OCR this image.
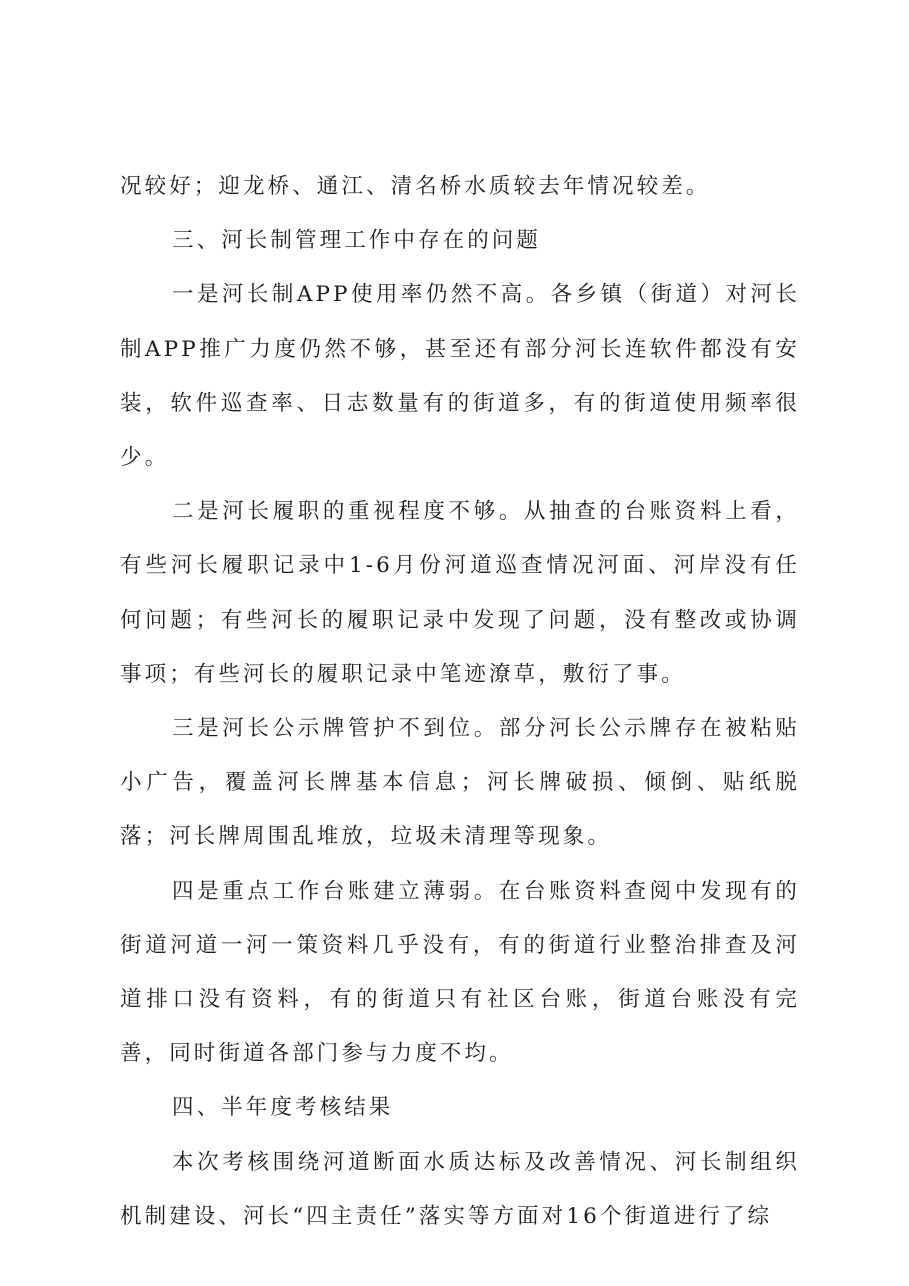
况较好；迎龙桥、通江、清名桥水质较去年情况较差。

三、河长制管理工作中存在的问题

一是河长制APP使用率仍然不高。各乡镇（街道）对河长制APP推广力度仍然不够，甚至还有部分河长连软件都没有安装，软件巡查率、日志数量有的街道多，有的街道使用频率很少。

二是河长履职的重视程度不够。从抽查的台账资料上看，有些河长履职记录中1-6月份河道巡查情况河面、河岸没有任何问题；有些河长的履职记录中发现了问题，没有整改或协调事项；有些河长的履职记录中笔迹潦草，敷衍了事。

三是河长公示牌管护不到位。部分河长公示牌存在被粘贴小广告，覆盖河长牌基本信息；河长牌破损、倾倒、贴纸脱落；河长牌周围乱堆放，垃圾未清理等现象。

四是重点工作台账建立薄弱。在台账资料查阅中发现有的街道河道一河一策资料几乎没有，有的街道行业整治排查及河道排口没有资料，有的街道只有社区台账，街道台账没有完善，同时街道各部门参与力度不均。

四、半年度考核结果

本次考核围绕河道断面水质达标及改善情况、河长制组织机制建设、河长“四主责任”落实等方面对16个街道进行了综
